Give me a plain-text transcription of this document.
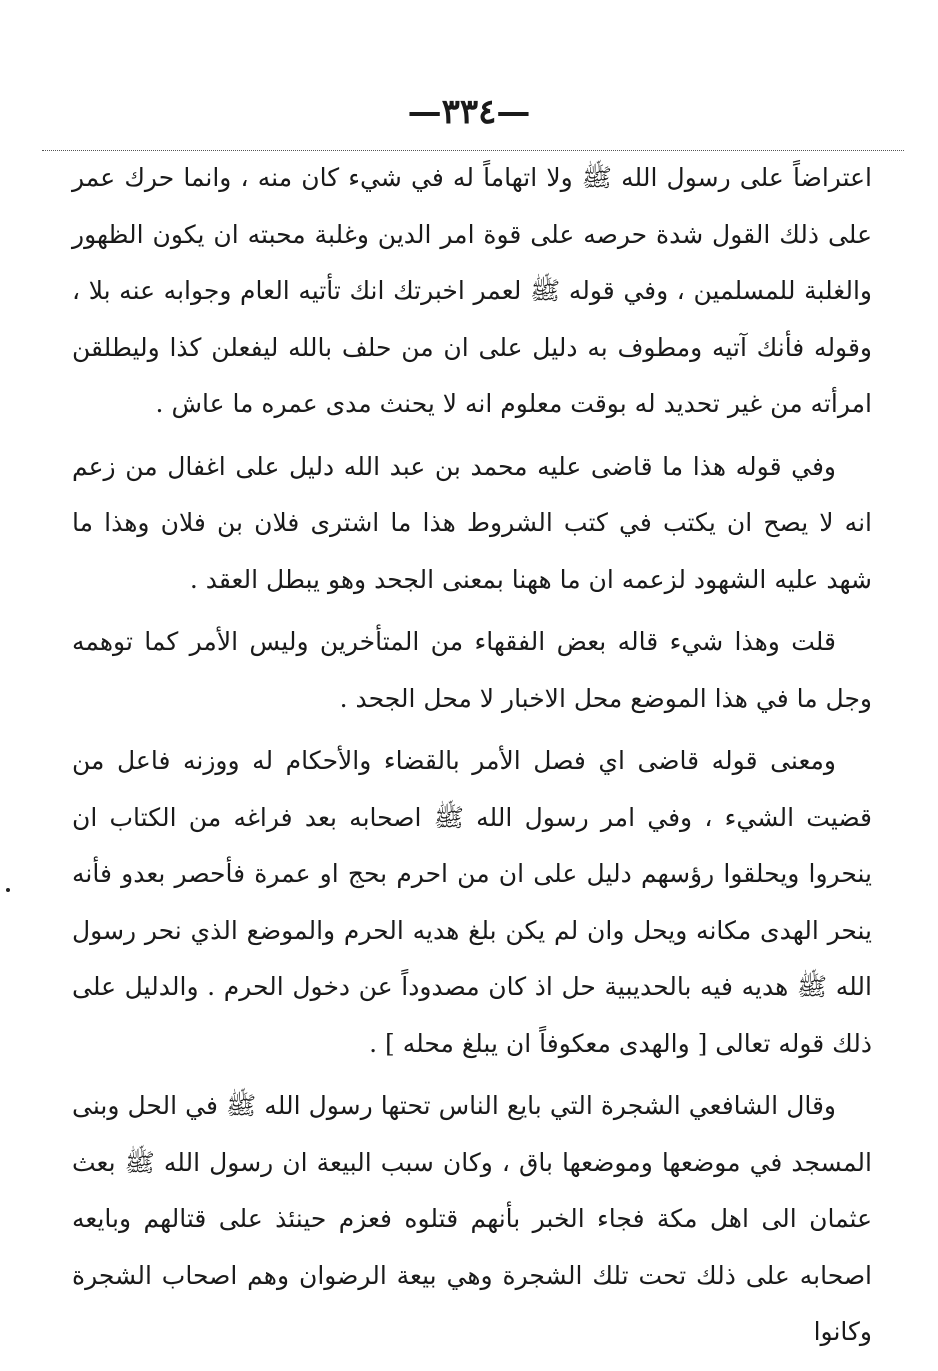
—٣٣٤—

اعتراضاً على رسول الله ﷺ ولا اتهاماً له في شيء كان منه ، وانما حرك عمر على ذلك القول شدة حرصه على قوة امر الدين وغلبة محبته ان يكون الظهور والغلبة للمسلمين ، وفي قوله ﷺ لعمر اخبرتك انك تأتيه العام وجوابه عنه بلا ، وقوله فأنك آتيه ومطوف به دليل على ان من حلف بالله ليفعلن كذا وليطلقن امرأته من غير تحديد له بوقت معلوم انه لا يحنث مدى عمره ما عاش .

وفي قوله هذا ما قاضى عليه محمد بن عبد الله دليل على اغفال من زعم انه لا يصح ان يكتب في كتب الشروط هذا ما اشترى فلان بن فلان وهذا ما شهد عليه الشهود لزعمه ان ما ههنا بمعنى الجحد وهو يبطل العقد .

قلت وهذا شيء قاله بعض الفقهاء من المتأخرين وليس الأمر كما توهمه وجل ما في هذا الموضع محل الاخبار لا محل الجحد .

ومعنى قوله قاضى اي فصل الأمر بالقضاء والأحكام له ووزنه فاعل من قضيت الشيء ، وفي امر رسول الله ﷺ اصحابه بعد فراغه من الكتاب ان ينحروا ويحلقوا رؤسهم دليل على ان من احرم بحج او عمرة فأحصر بعدو فأنه ينحر الهدى مكانه ويحل وان لم يكن بلغ هديه الحرم والموضع الذي نحر رسول الله ﷺ هديه فيه بالحديبية حل اذ كان مصدوداً عن دخول الحرم . والدليل على ذلك قوله تعالى [ والهدى معكوفاً ان يبلغ محله ] .

وقال الشافعي الشجرة التي بايع الناس تحتها رسول الله ﷺ في الحل وبنى المسجد في موضعها وموضعها باق ، وكان سبب البيعة ان رسول الله ﷺ بعث عثمان الى اهل مكة فجاء الخبر بأنهم قتلوه فعزم حينئذ على قتالهم وبايعه اصحابه على ذلك تحت تلك الشجرة وهي بيعة الرضوان وهم اصحاب الشجرة وكانوا
